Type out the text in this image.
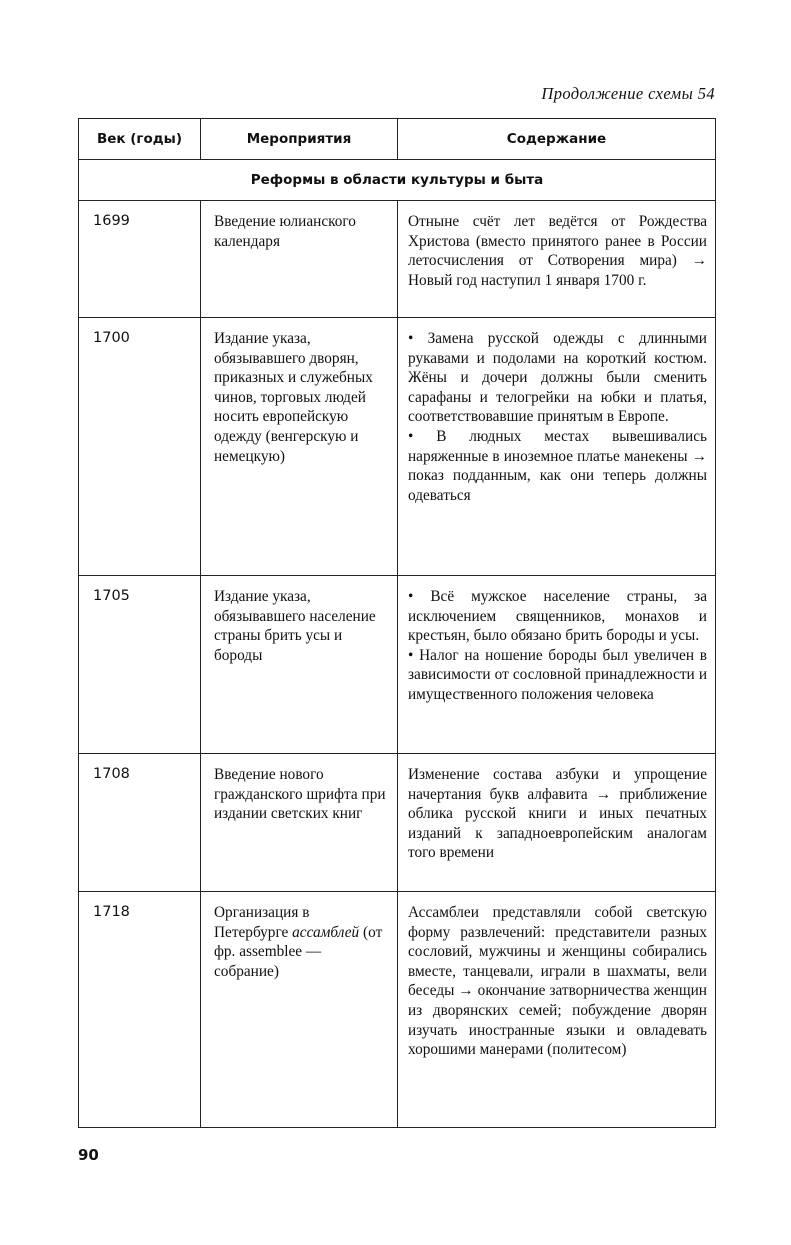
Продолжение схемы 54
Век (годы)	Мероприятия	Содержание
Реформы в области культуры и быта		
1699	Введение юлианского календаря	Отныне счёт лет ведётся от Рождества Христова (вместо принятого ранее в России летосчисления от Сотворения мира) → Новый год наступил 1 января 1700 г.

1700	Издание указа, обязывавшего дворян, приказных и служебных чинов, торговых людей носить европейскую одежду (венгерскую и немецкую)	• Замена русской одежды с длинными рукавами и подолами на короткий костюм. Жёны и дочери должны были сменить сарафаны и телогрейки на юбки и платья, соответствовавшие принятым в Европе.
• В людных местах вывешивались наряженные в иноземное платье манекены → показ подданным, как они теперь должны одеваться

1705	Издание указа, обязывавшего население страны брить усы и бороды	• Всё мужское население страны, за исключением священников, монахов и крестьян, было обязано брить бороды и усы.
• Налог на ношение бороды был увеличен в зависимости от сословной принадлежности и имущественного положения человека

1708	Введение нового гражданского шрифта при издании светских книг	Изменение состава азбуки и упрощение начертания букв алфавита → приближение облика русской книги и иных печатных изданий к западноевропейским аналогам того времени

1718	Организация в Петербурге ассамблей (от фр. assemblee — собрание)	Ассамблеи представляли собой светскую форму развлечений: представители разных сословий, мужчины и женщины собирались вместе, танцевали, играли в шахматы, вели беседы → окончание затворничества женщин из дворянских семей; побуждение дворян изучать иностранные языки и овладевать хорошими манерами (политесом)
90
